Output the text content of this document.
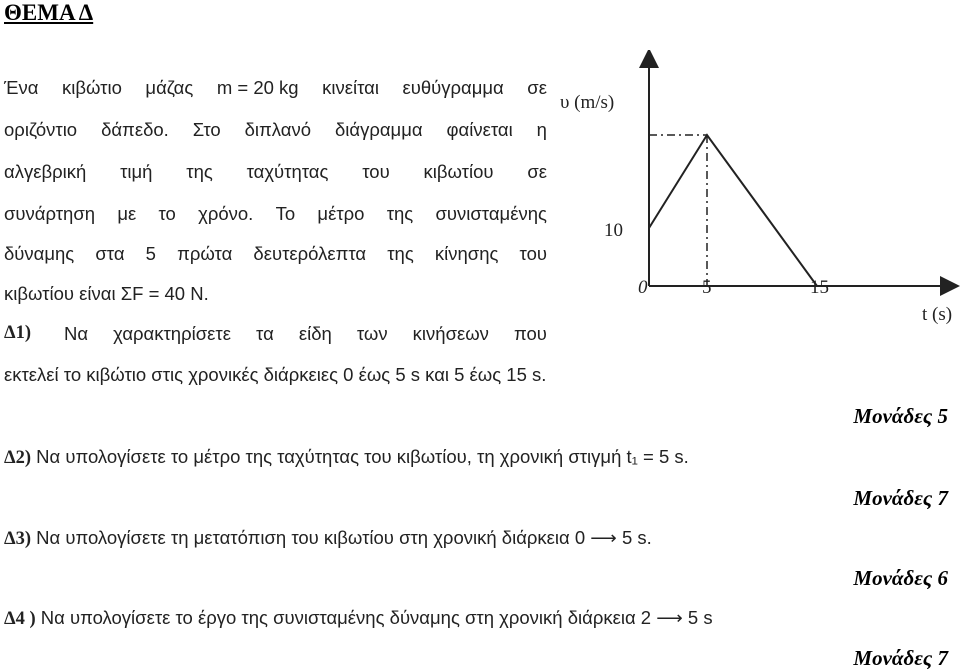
ΘΕΜΑ Δ
Ένα κιβώτιο μάζας m = 20 kg κινείται ευθύγραμμα σε
οριζόντιο δάπεδο. Στο διπλανό διάγραμμα φαίνεται η
αλγεβρική τιμή της ταχύτητας του κιβωτίου σε
συνάρτηση με το χρόνο. Το μέτρο της συνισταμένης
δύναμης στα 5 πρώτα δευτερόλεπτα της κίνησης του
κιβωτίου είναι ΣF = 40 N.
Δ1)	Να χαρακτηρίσετε τα είδη των κινήσεων που
εκτελεί το κιβώτιο στις χρονικές διάρκειες 0 έως 5 s και 5 έως 15 s.
Μονάδες 5
Δ2) Να υπολογίσετε το μέτρο της ταχύτητας του κιβωτίου, τη χρονική στιγμή t₁ = 5 s.
Μονάδες 7
Δ3) Να υπολογίσετε τη μετατόπιση του κιβωτίου στη χρονική διάρκεια 0 ⟶ 5 s.
Μονάδες 6
Δ4 ) Να υπολογίσετε το έργο της συνισταμένης δύναμης στη χρονική διάρκεια 2 ⟶ 5 s
Μονάδες 7
υ (m/s)
t (s)
10
0	5	15
